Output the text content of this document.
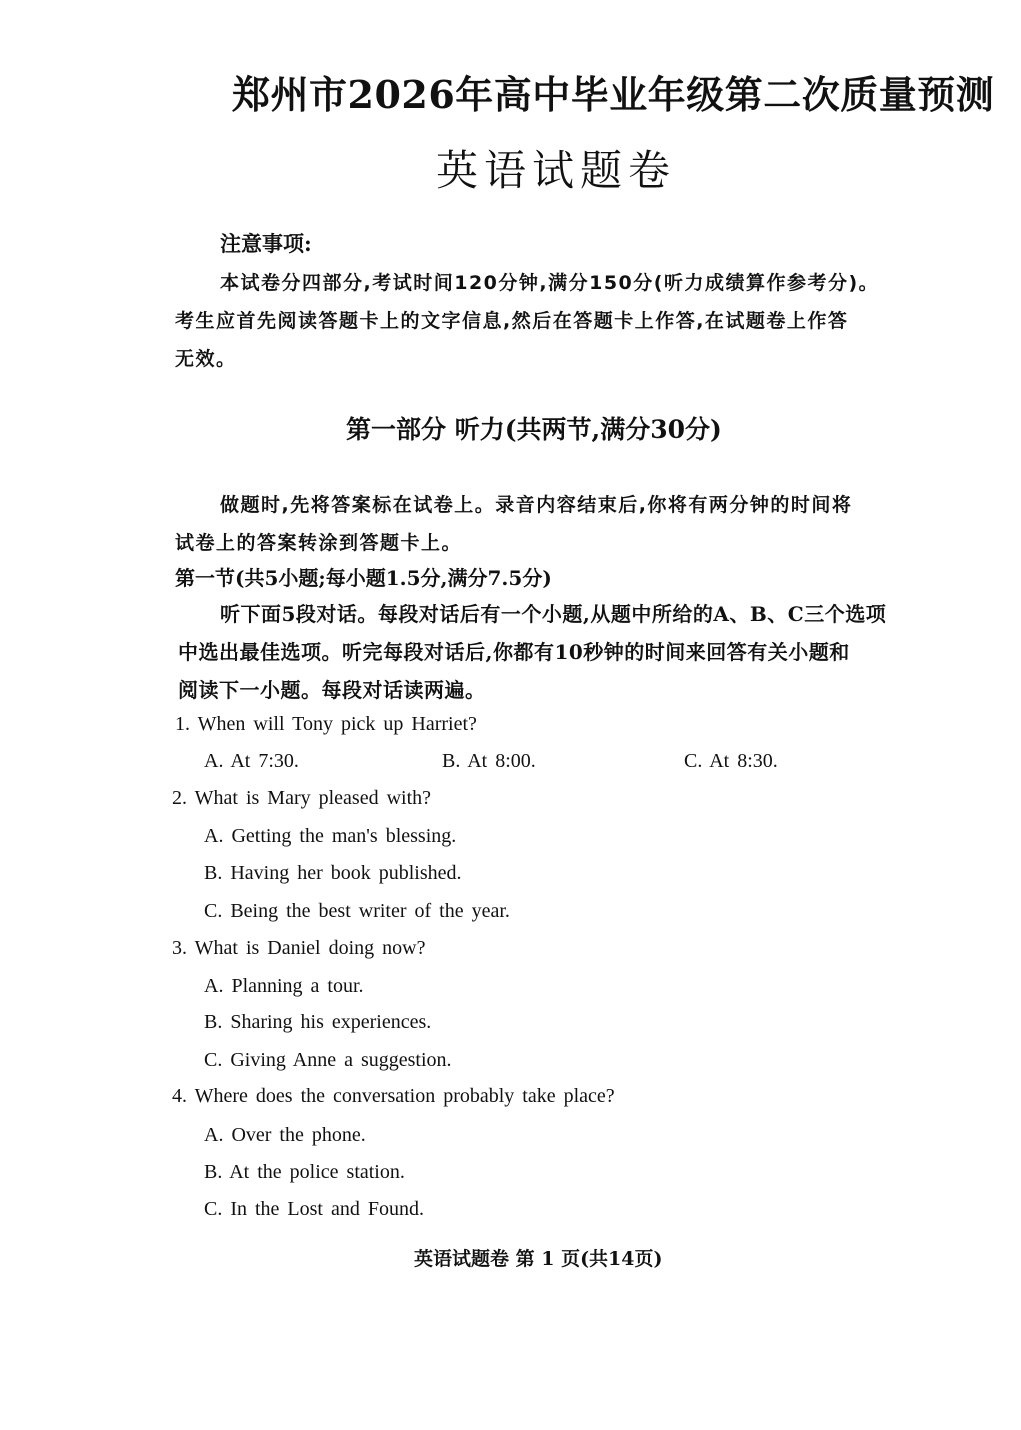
郑州市2026年高中毕业年级第二次质量预测
英语试题卷
注意事项:
本试卷分四部分,考试时间120分钟,满分150分(听力成绩算作参考分)。
考生应首先阅读答题卡上的文字信息,然后在答题卡上作答,在试题卷上作答
无效。
第一部分 听力(共两节,满分30分)
做题时,先将答案标在试卷上。录音内容结束后,你将有两分钟的时间将
试卷上的答案转涂到答题卡上。
第一节(共5小题;每小题1.5分,满分7.5分)
听下面5段对话。每段对话后有一个小题,从题中所给的A、B、C三个选项
中选出最佳选项。听完每段对话后,你都有10秒钟的时间来回答有关小题和
阅读下一小题。每段对话读两遍。
1. When will Tony pick up Harriet?
A. At 7:30.	B. At 8:00.	C. At 8:30.
2. What is Mary pleased with?
A. Getting the man's blessing.
B. Having her book published.
C. Being the best writer of the year.
3. What is Daniel doing now?
A. Planning a tour.
B. Sharing his experiences.
C. Giving Anne a suggestion.
4. Where does the conversation probably take place?
A. Over the phone.
B. At the police station.
C. In the Lost and Found.
英语试题卷 第 1 页(共14页)
